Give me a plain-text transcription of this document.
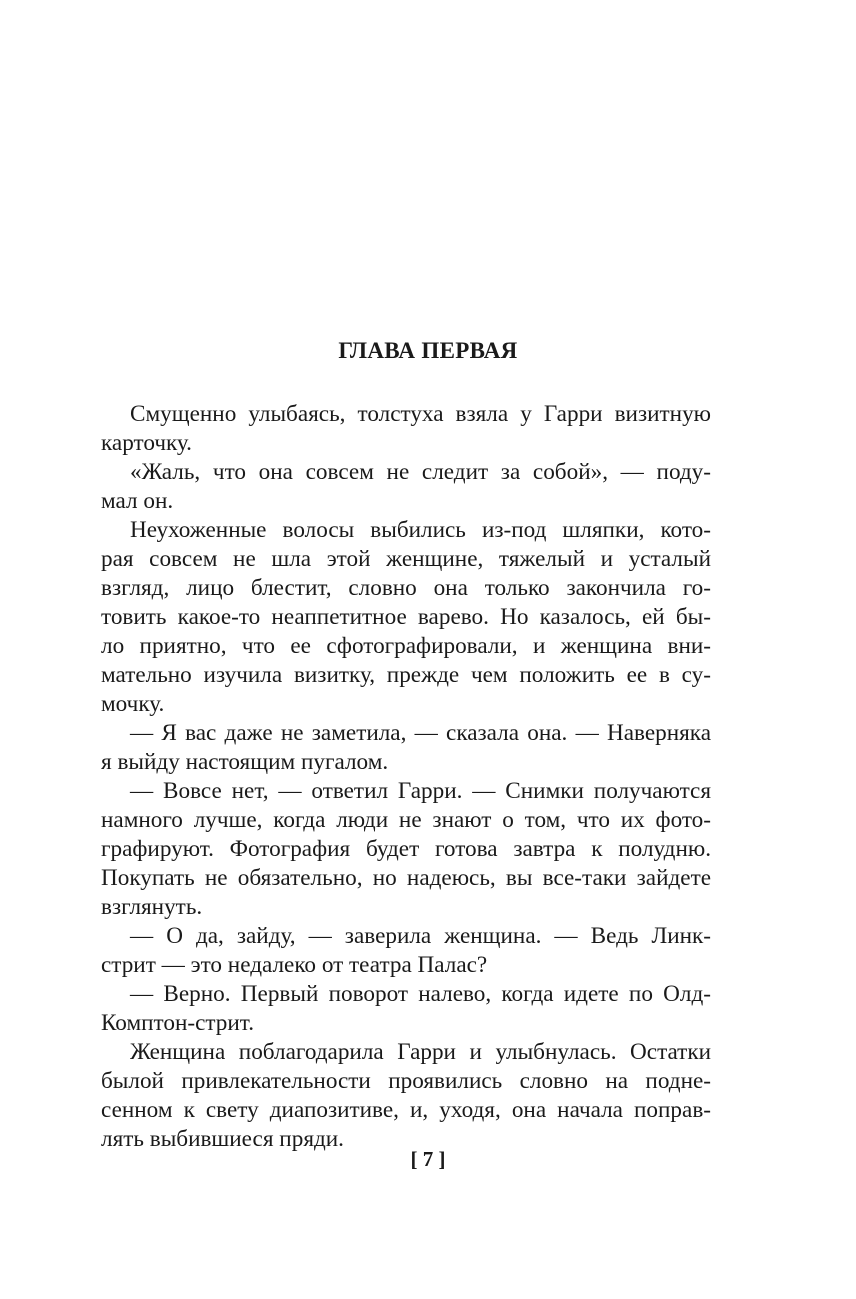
ГЛАВА ПЕРВАЯ
Смущенно улыбаясь, толстуха взяла у Гарри визитную
карточку.
«Жаль, что она совсем не следит за собой», — поду-
мал он.
Неухоженные волосы выбились из-под шляпки, кото-
рая совсем не шла этой женщине, тяжелый и усталый
взгляд, лицо блестит, словно она только закончила го-
товить какое-то неаппетитное варево. Но казалось, ей бы-
ло приятно, что ее сфотографировали, и женщина вни-
мательно изучила визитку, прежде чем положить ее в су-
мочку.
— Я вас даже не заметила, — сказала она. — Наверняка
я выйду настоящим пугалом.
— Вовсе нет, — ответил Гарри. — Снимки получаются
намного лучше, когда люди не знают о том, что их фото-
графируют. Фотография будет готова завтра к полудню.
Покупать не обязательно, но надеюсь, вы все-таки зайдете
взглянуть.
— О да, зайду, — заверила женщина. — Ведь Линк-
стрит — это недалеко от театра Палас?
— Верно. Первый поворот налево, когда идете по Олд-
Комптон-стрит.
Женщина поблагодарила Гарри и улыбнулась. Остатки
былой привлекательности проявились словно на подне-
сенном к свету диапозитиве, и, уходя, она начала поправ-
лять выбившиеся пряди.
[ 7 ]
